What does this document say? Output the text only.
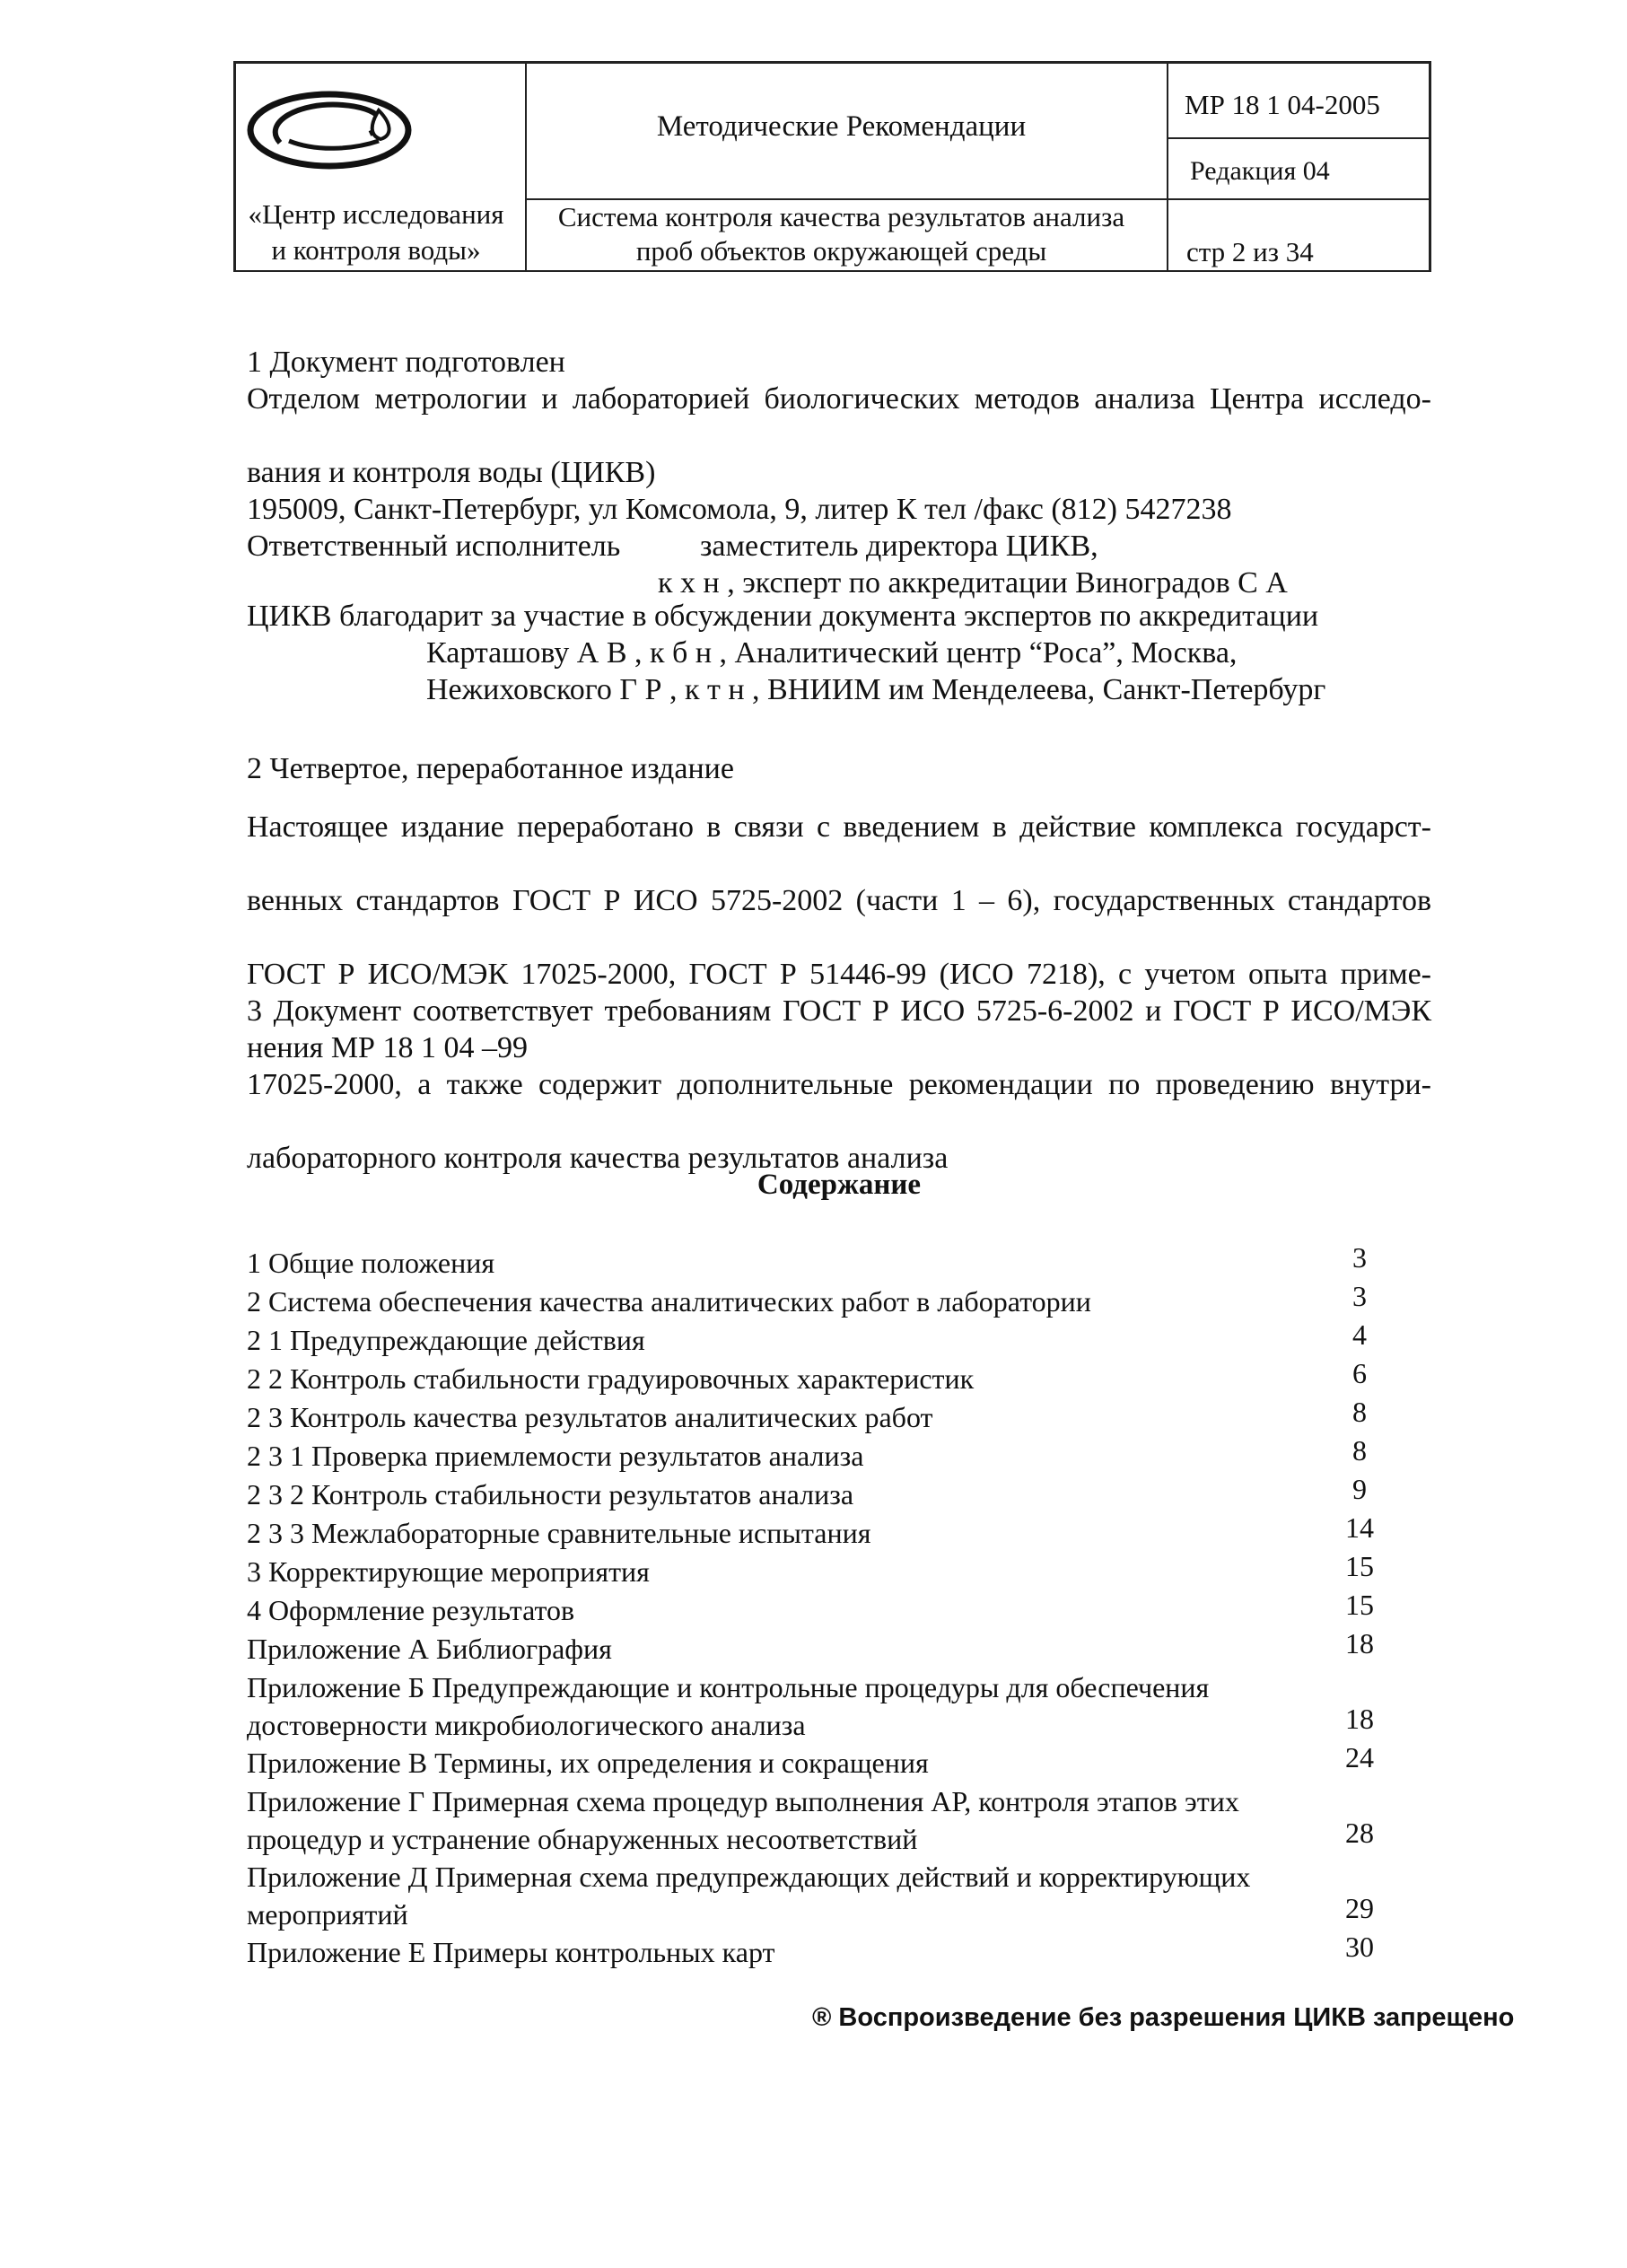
«Центр исследования
и контроля воды»
Методические Рекомендации
Система контроля качества результатов анализа
проб объектов окружающей среды
МР 18 1 04-2005
Редакция 04
стр 2 из 34

1 Документ подготовлен

Отделом метрологии и лабораторией биологических методов анализа Центра исследо-

вания и контроля воды (ЦИКВ)

195009, Санкт-Петербург, ул Комсомола, 9, литер К тел /факс (812) 5427238

Ответственный исполнитель	заместитель директора ЦИКВ,

к х н , эксперт по аккредитации Виноградов С А

ЦИКВ благодарит за участие в обсуждении документа экспертов по аккредитации

Карташову А В , к б н , Аналитический центр “Роса”, Москва,

Нежиховского Г Р , к т н , ВНИИМ им Менделеева, Санкт-Петербург

2 Четвертое, переработанное издание

Настоящее издание переработано в связи с введением в действие комплекса государст-

венных стандартов ГОСТ Р ИСО 5725-2002 (части 1 – 6), государственных стандартов

ГОСТ Р ИСО/МЭК 17025-2000, ГОСТ Р 51446-99 (ИСО 7218), с учетом опыта приме-

нения МР 18 1 04 –99

3 Документ соответствует требованиям ГОСТ Р ИСО 5725-6-2002 и ГОСТ Р ИСО/МЭК

17025-2000, а также содержит дополнительные рекомендации по проведению внутри-

лабораторного контроля качества результатов анализа

Содержание
1 Общие положения	3
2 Система обеспечения качества аналитических работ в лаборатории	3
2 1 Предупреждающие действия	4
2 2 Контроль стабильности градуировочных характеристик	6
2 3 Контроль качества результатов аналитических работ	8
2 3 1 Проверка приемлемости результатов анализа	8
2 3 2 Контроль стабильности результатов анализа	9
2 3 3 Межлабораторные сравнительные испытания	14
3 Корректирующие мероприятия	15
4 Оформление результатов	15
Приложение А Библиография	18
Приложение Б Предупреждающие и контрольные процедуры для обеспечения достоверности микробиологического анализа	18
Приложение В Термины, их определения и сокращения	24
Приложение Г Примерная схема процедур выполнения АР, контроля этапов этих процедур и устранение обнаруженных несоответствий	28
Приложение Д Примерная схема предупреждающих действий и корректирующих мероприятий	29
Приложение Е Примеры контрольных карт	30
® Воспроизведение без разрешения ЦИКВ запрещено
